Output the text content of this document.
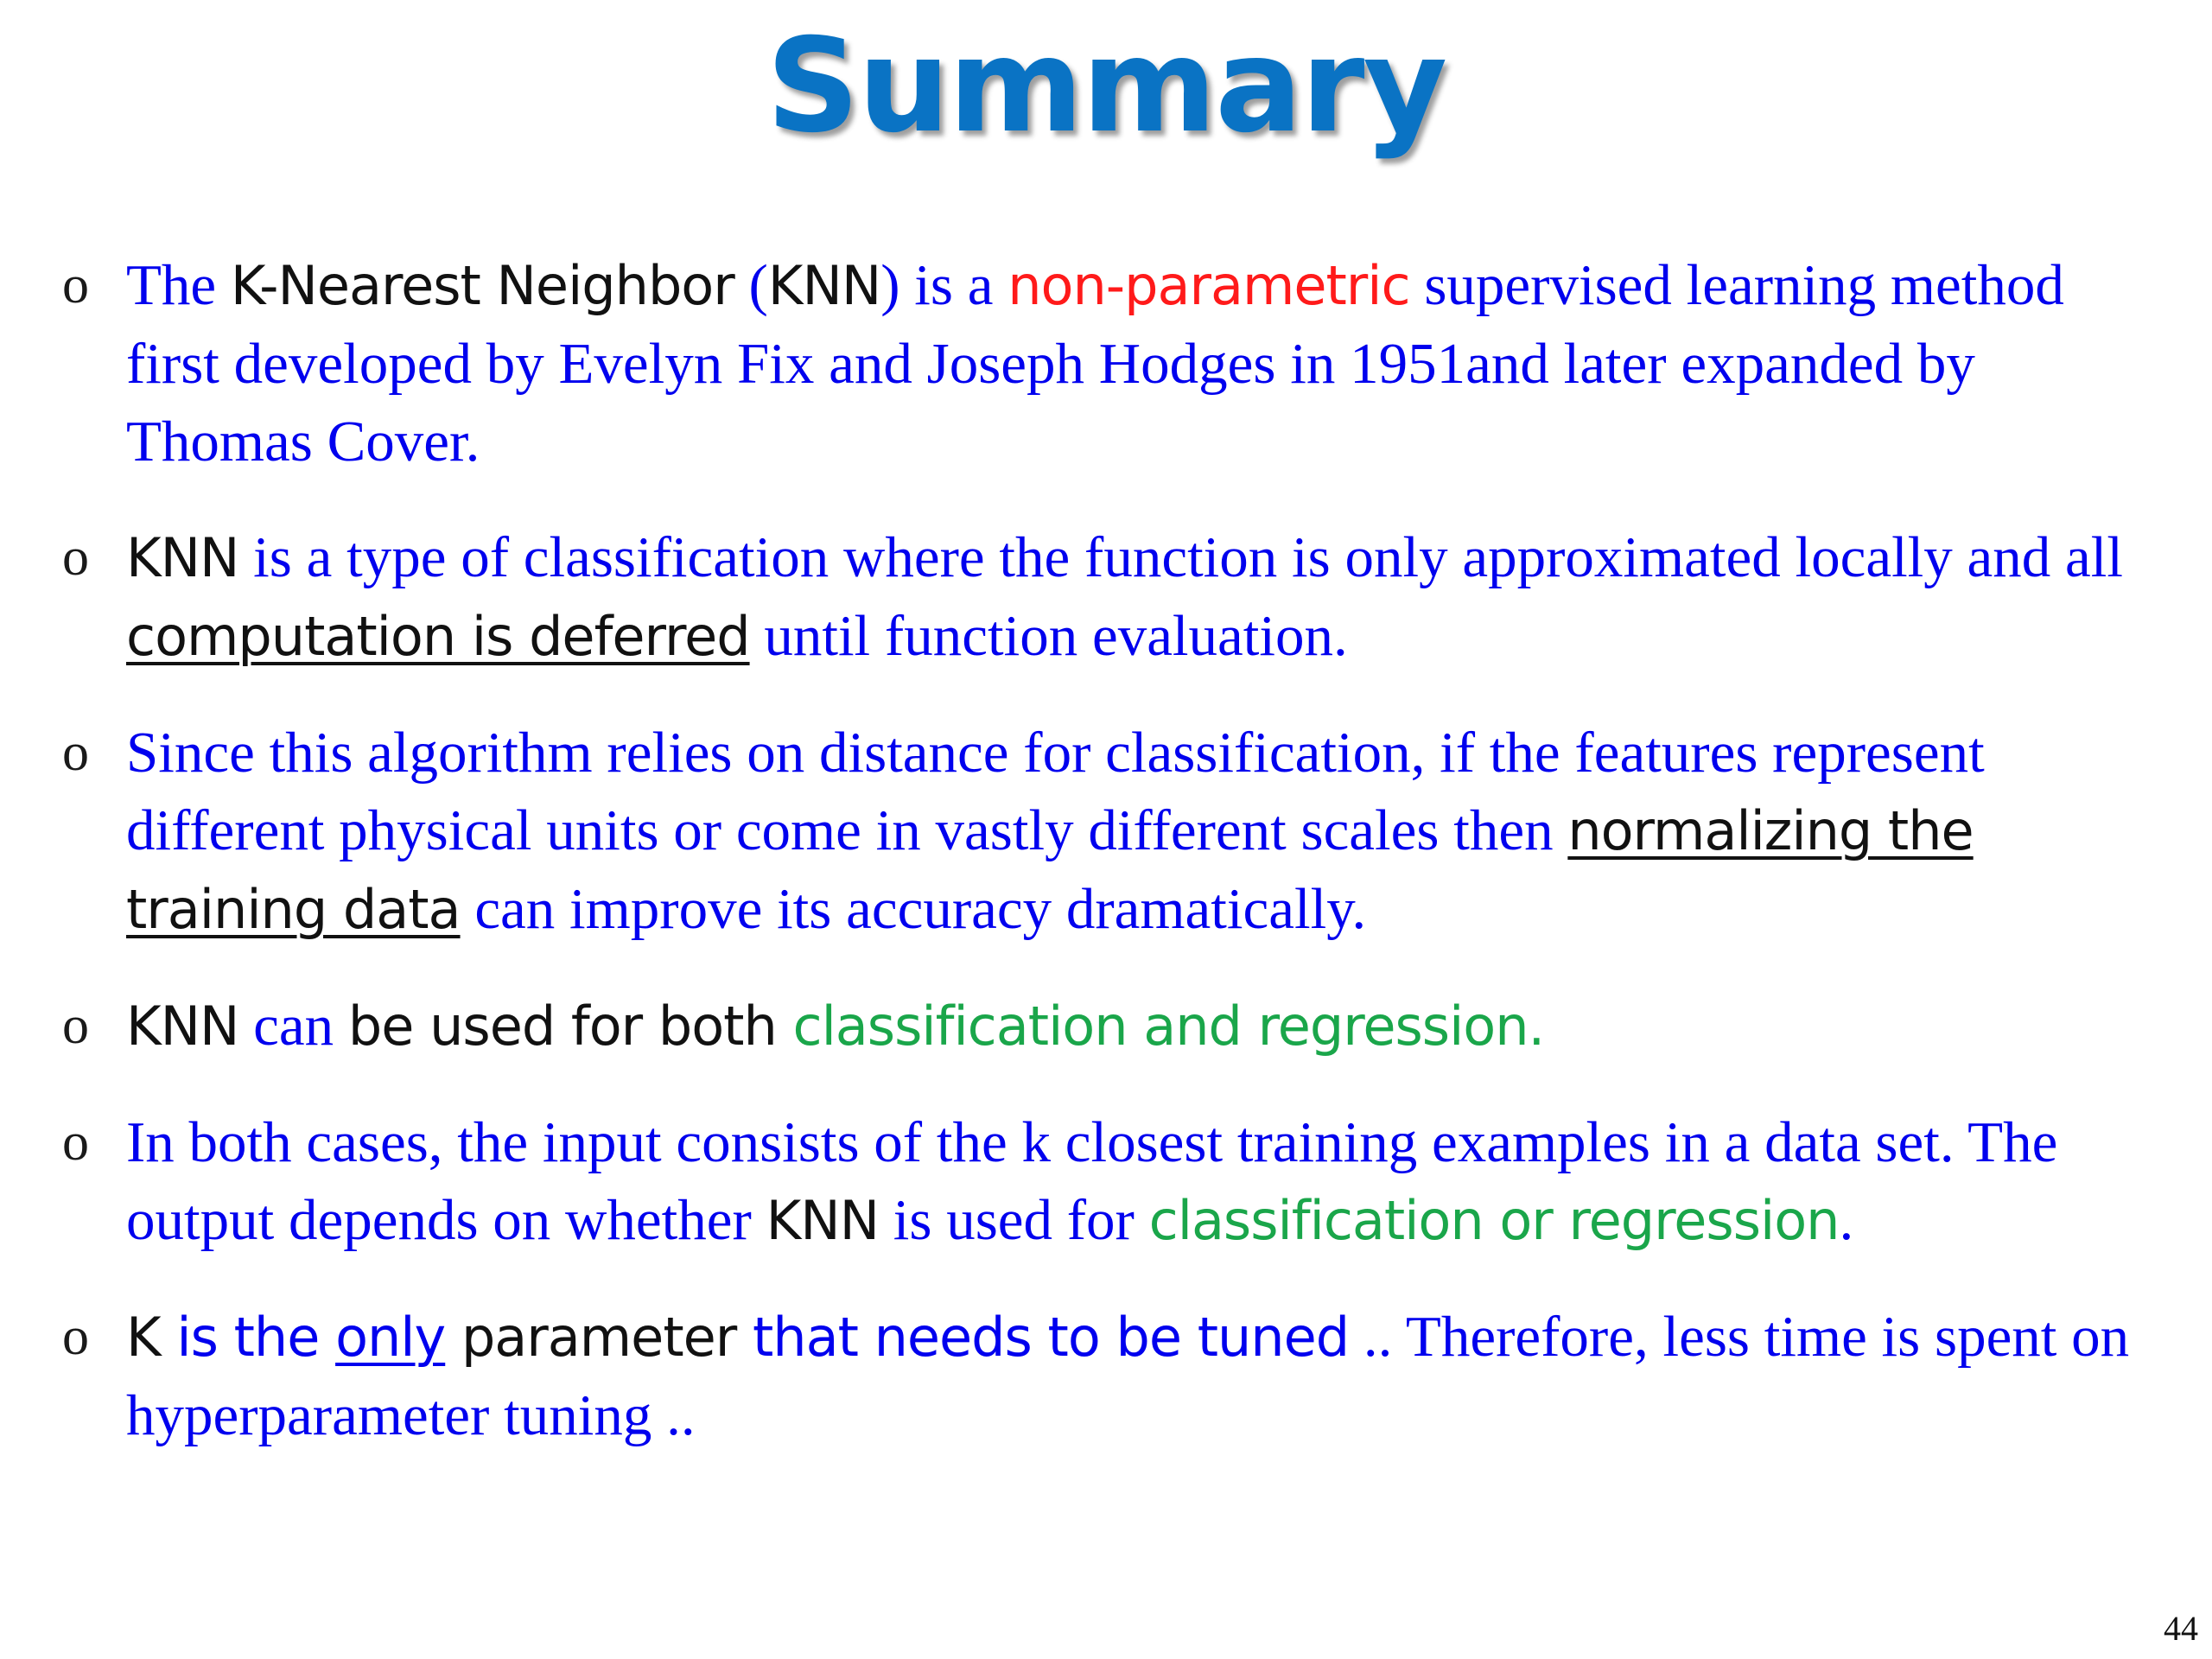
Summary
o The K-Nearest Neighbor (KNN) is a non-parametric supervised learning method first developed by Evelyn Fix and Joseph Hodges in 1951and later expanded by Thomas Cover.
o KNN is a type of classification where the function is only approximated locally and all computation is deferred until function evaluation.
o Since this algorithm relies on distance for classification, if the features represent different physical units or come in vastly different scales then normalizing the training data can improve its accuracy dramatically.
o KNN can be used for both classification and regression.
o In both cases, the input consists of the k closest training examples in a data set. The output depends on whether KNN is used for classification or regression.
o K is the only parameter that needs to be tuned .. Therefore, less time is spent on hyperparameter tuning ..
44
